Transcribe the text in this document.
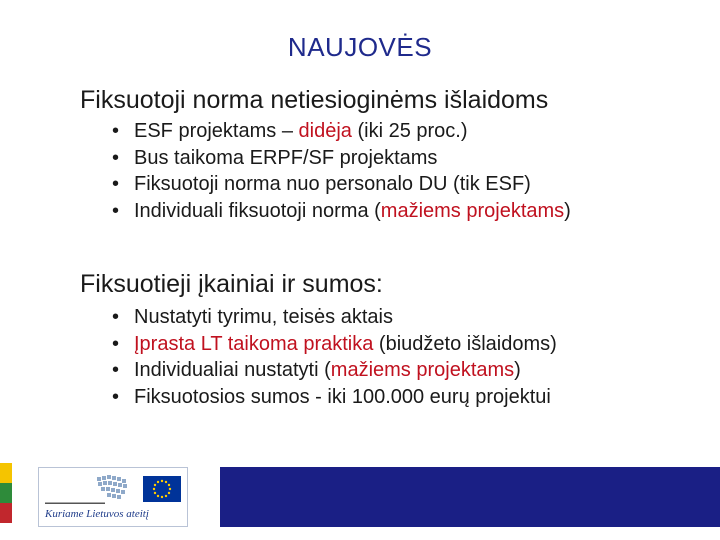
NAUJOVĖS
Fiksuotoji norma netiesioginėms išlaidoms
• ESF projektams – didėja (iki 25 proc.)
• Bus taikoma ERPF/SF projektams
• Fiksuotoji norma nuo personalo DU (tik ESF)
• Individuali fiksuotoji norma (mažiems projektams)
Fiksuotieji įkainiai ir sumos:
• Nustatyti tyrimu, teisės aktais
• Įprasta LT taikoma praktika (biudžeto išlaidoms)
• Individualiai nustatyti (mažiems projektams)
• Fiksuotosios sumos - iki 100.000 eurų projektui
▬▬▬▬▬▬▬▬▬▬▬▬
Kuriame Lietuvos ateitį
